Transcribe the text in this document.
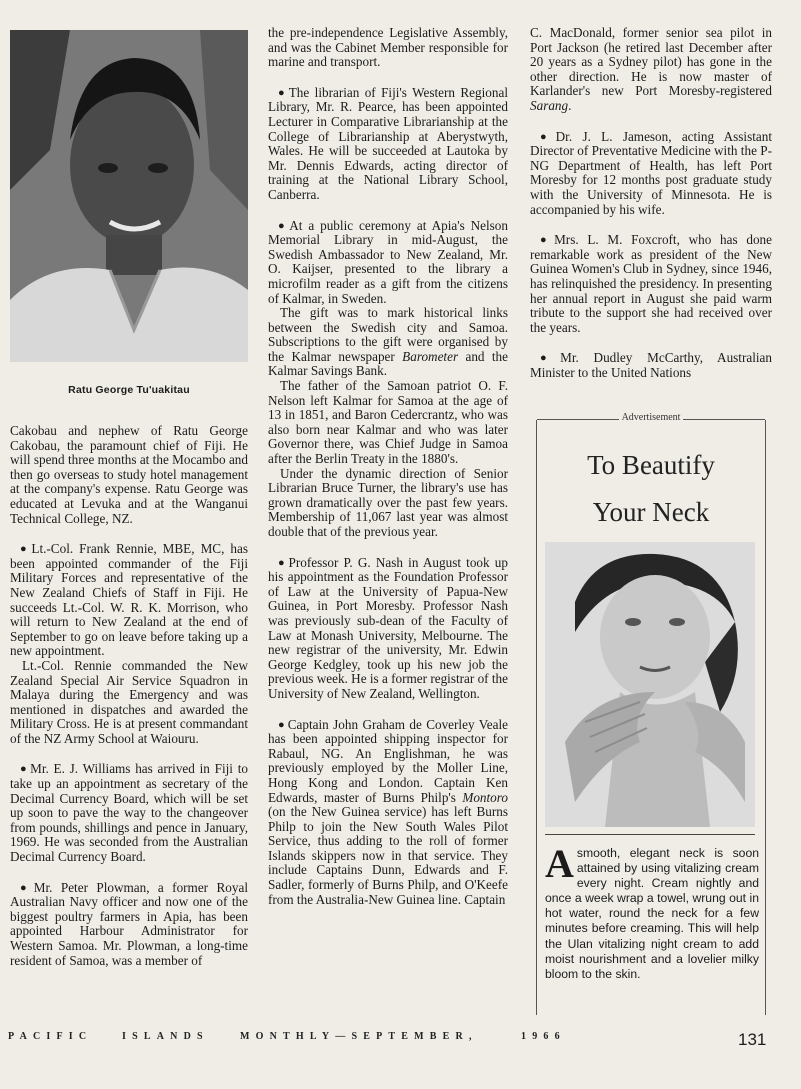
Ratu George Tu'uakitau

Cakobau and nephew of Ratu George Cakobau, the paramount chief of Fiji. He will spend three months at the Mocambo and then go overseas to study hotel management at the company's expense. Ratu George was educated at Levuka and at the Wanganui Technical College, NZ.

● Lt.-Col. Frank Rennie, MBE, MC, has been appointed commander of the Fiji Military Forces and representative of the New Zealand Chiefs of Staff in Fiji. He succeeds Lt.-Col. W. R. K. Morrison, who will return to New Zealand at the end of September to go on leave before taking up a new appointment.

Lt.-Col. Rennie commanded the New Zealand Special Air Service Squadron in Malaya during the Emergency and was mentioned in dispatches and awarded the Military Cross. He is at present commandant of the NZ Army School at Waiouru.

● Mr. E. J. Williams has arrived in Fiji to take up an appointment as secretary of the Decimal Currency Board, which will be set up soon to pave the way to the changeover from pounds, shillings and pence in January, 1969. He was seconded from the Australian Decimal Currency Board.

● Mr. Peter Plowman, a former Royal Australian Navy officer and now one of the biggest poultry farmers in Apia, has been appointed Harbour Administrator for Western Samoa. Mr. Plowman, a long-time resident of Samoa, was a member of

the pre-independence Legislative Assembly, and was the Cabinet Member responsible for marine and transport.

● The librarian of Fiji's Western Regional Library, Mr. R. Pearce, has been appointed Lecturer in Comparative Librarianship at the College of Librarianship at Aberystwyth, Wales. He will be succeeded at Lautoka by Mr. Dennis Edwards, acting director of training at the National Library School, Canberra.

● At a public ceremony at Apia's Nelson Memorial Library in mid-August, the Swedish Ambassador to New Zealand, Mr. O. Kaijser, presented to the library a microfilm reader as a gift from the citizens of Kalmar, in Sweden.

The gift was to mark historical links between the Swedish city and Samoa. Subscriptions to the gift were organised by the Kalmar newspaper Barometer and the Kalmar Savings Bank.

The father of the Samoan patriot O. F. Nelson left Kalmar for Samoa at the age of 13 in 1851, and Baron Cedercrantz, who was also born near Kalmar and who was later Governor there, was Chief Judge in Samoa after the Berlin Treaty in the 1880's.

Under the dynamic direction of Senior Librarian Bruce Turner, the library's use has grown dramatically over the past few years. Membership of 11,067 last year was almost double that of the previous year.

● Professor P. G. Nash in August took up his appointment as the Foundation Professor of Law at the University of Papua-New Guinea, in Port Moresby. Professor Nash was previously sub-dean of the Faculty of Law at Monash University, Melbourne. The new registrar of the university, Mr. Edwin George Kedgley, took up his new job the previous week. He is a former registrar of the University of New Zealand, Wellington.

● Captain John Graham de Coverley Veale has been appointed shipping inspector for Rabaul, NG. An Englishman, he was previously employed by the Moller Line, Hong Kong and London. Captain Ken Edwards, master of Burns Philp's Montoro (on the New Guinea service) has left Burns Philp to join the New South Wales Pilot Service, thus adding to the roll of former Islands skippers now in that service. They include Captains Dunn, Edwards and F. Sadler, formerly of Burns Philp, and O'Keefe from the Australia-New Guinea line. Captain

C. MacDonald, former senior sea pilot in Port Jackson (he retired last December after 20 years as a Sydney pilot) has gone in the other direction. He is now master of Karlander's new Port Moresby-registered Sarang.

● Dr. J. L. Jameson, acting Assistant Director of Preventative Medicine with the P-NG Department of Health, has left Port Moresby for 12 months post graduate study with the University of Minnesota. He is accompanied by his wife.

● Mrs. L. M. Foxcroft, who has done remarkable work as president of the New Guinea Women's Club in Sydney, since 1946, has relinquished the presidency. In presenting her annual report in August she paid warm tribute to the support she had received over the years.

● Mr. Dudley McCarthy, Australian Minister to the United Nations

Advertisement
To Beautify
Your Neck
Asmooth, elegant neck is soon attained by using vitalizing cream every night. Cream nightly and once a week wrap a towel, wrung out in hot water, round the neck for a few minutes before creaming. This will help the Ulan vitalizing night cream to add moist nourishment and a lovelier milky bloom to the skin.
PACIFIC	ISLANDS	MONTHLY—SEPTEMBER,	1966	131
